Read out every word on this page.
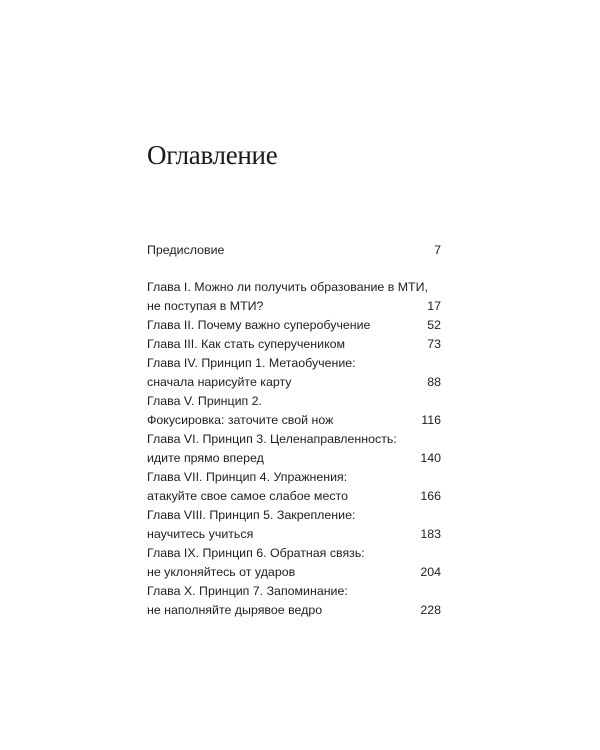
Оглавление
Предисловие	7
Глава I. Можно ли получить образование в МТИ,
не поступая в МТИ?	17
Глава II. Почему важно суперобучение	52
Глава III. Как стать суперучеником	73
Глава IV. Принцип 1. Метаобучение:
сначала нарисуйте карту	88
Глава V. Принцип 2.
Фокусировка: заточите свой нож	116
Глава VI. Принцип 3. Целенаправленность:
идите прямо вперед	140
Глава VII. Принцип 4. Упражнения:
атакуйте свое самое слабое место	166
Глава VIII. Принцип 5. Закрепление:
научитесь учиться	183
Глава IX. Принцип 6. Обратная связь:
не уклоняйтесь от ударов	204
Глава X. Принцип 7. Запоминание:
не наполняйте дырявое ведро	228
